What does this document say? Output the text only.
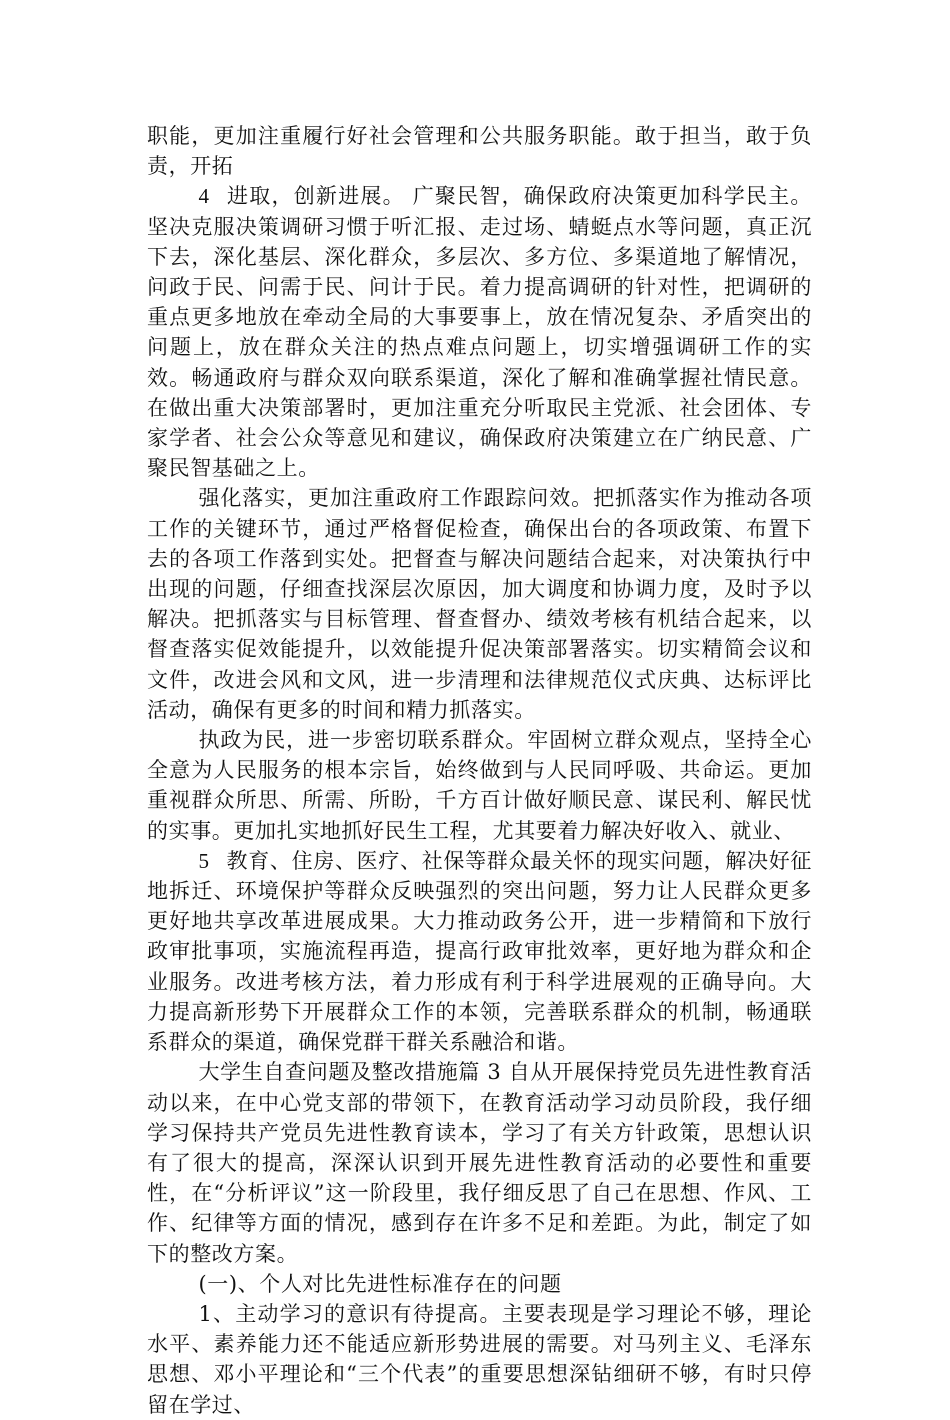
职能，更加注重履行好社会管理和公共服务职能。敢于担当，敢于负责，开拓

4 进取，创新进展。 广聚民智，确保政府决策更加科学民主。坚决克服决策调研习惯于听汇报、走过场、蜻蜓点水等问题，真正沉下去，深化基层、深化群众，多层次、多方位、多渠道地了解情况，问政于民、问需于民、问计于民。着力提高调研的针对性，把调研的重点更多地放在牵动全局的大事要事上，放在情况复杂、矛盾突出的问题上，放在群众关注的热点难点问题上，切实增强调研工作的实效。畅通政府与群众双向联系渠道，深化了解和准确掌握社情民意。在做出重大决策部署时，更加注重充分听取民主党派、社会团体、专家学者、社会公众等意见和建议，确保政府决策建立在广纳民意、广聚民智基础之上。

强化落实，更加注重政府工作跟踪问效。把抓落实作为推动各项工作的关键环节，通过严格督促检查，确保出台的各项政策、布置下去的各项工作落到实处。把督查与解决问题结合起来，对决策执行中出现的问题，仔细查找深层次原因，加大调度和协调力度，及时予以解决。把抓落实与目标管理、督查督办、绩效考核有机结合起来，以督查落实促效能提升，以效能提升促决策部署落实。切实精简会议和文件，改进会风和文风，进一步清理和法律规范仪式庆典、达标评比活动，确保有更多的时间和精力抓落实。

执政为民，进一步密切联系群众。牢固树立群众观点，坚持全心全意为人民服务的根本宗旨，始终做到与人民同呼吸、共命运。更加重视群众所思、所需、所盼，千方百计做好顺民意、谋民利、解民忧的实事。更加扎实地抓好民生工程，尤其要着力解决好收入、就业、

5 教育、住房、医疗、社保等群众最关怀的现实问题，解决好征地拆迁、环境保护等群众反映强烈的突出问题，努力让人民群众更多更好地共享改革进展成果。大力推动政务公开，进一步精简和下放行政审批事项，实施流程再造，提高行政审批效率，更好地为群众和企业服务。改进考核方法，着力形成有利于科学进展观的正确导向。大力提高新形势下开展群众工作的本领，完善联系群众的机制，畅通联系群众的渠道，确保党群干群关系融洽和谐。

大学生自查问题及整改措施篇 3 自从开展保持党员先进性教育活动以来，在中心党支部的带领下，在教育活动学习动员阶段，我仔细学习保持共产党员先进性教育读本，学习了有关方针政策，思想认识有了很大的提高，深深认识到开展先进性教育活动的必要性和重要性，在“分析评议”这一阶段里，我仔细反思了自己在思想、作风、工作、纪律等方面的情况，感到存在许多不足和差距。为此，制定了如下的整改方案。

(一)、个人对比先进性标准存在的问题

1、主动学习的意识有待提高。主要表现是学习理论不够，理论水平、素养能力还不能适应新形势进展的需要。对马列主义、毛泽东思想、邓小平理论和“三个代表”的重要思想深钻细研不够，有时只停留在学过、
